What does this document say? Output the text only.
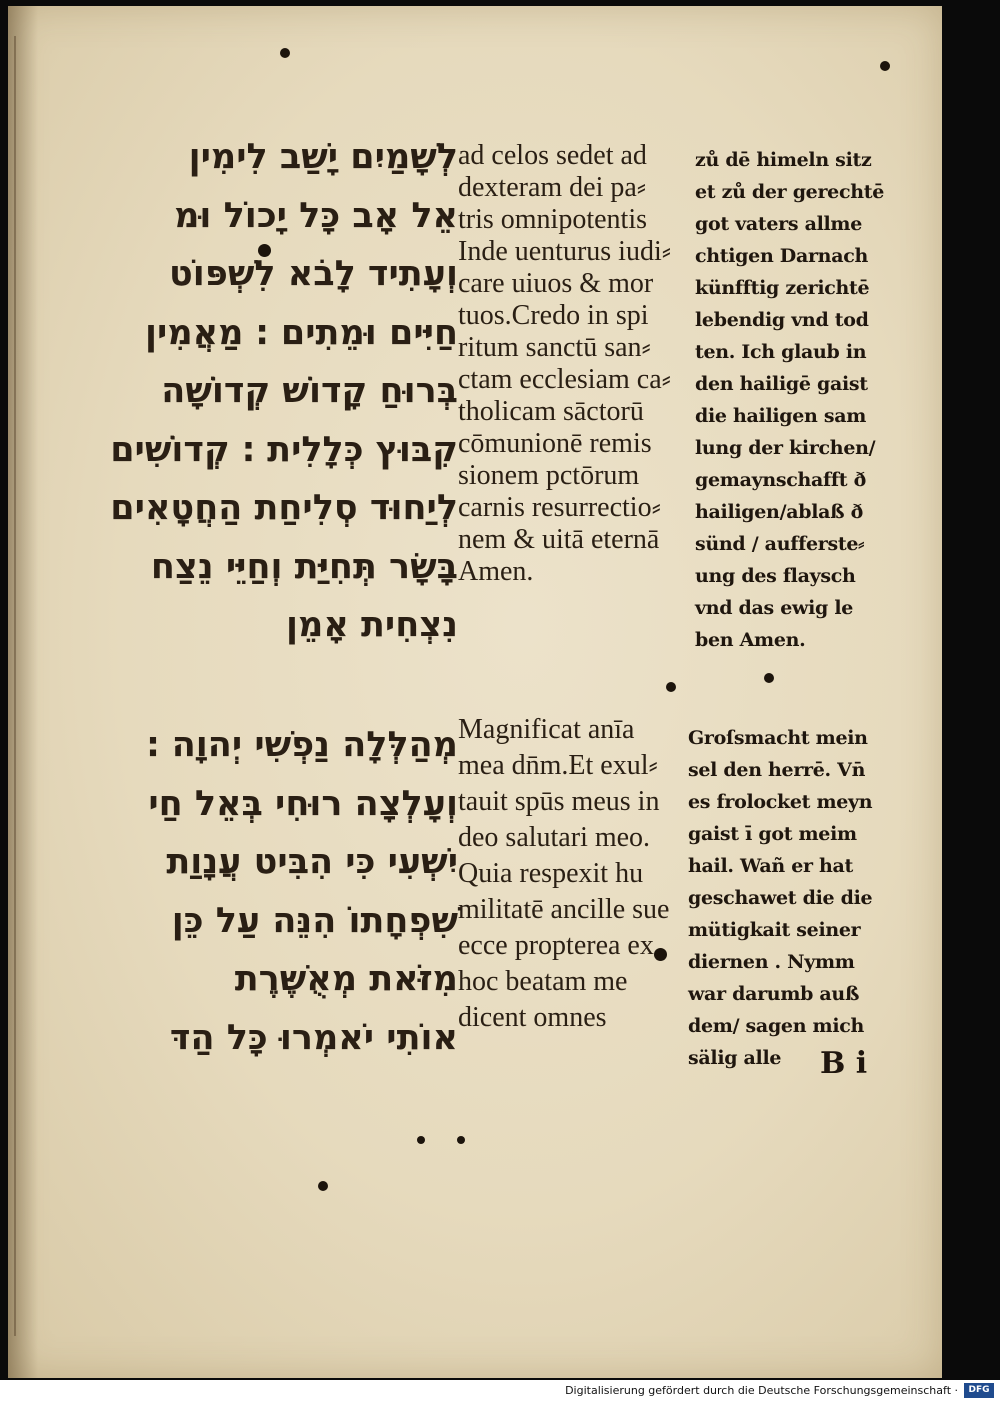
לְשָׁמַיִם יָשַׁב לִימִין
אֵל אָב כָּל יָכוֹל וּמ
וְעָתִיד לָבֹא לִשְׁפּוֹט
חַיִּים וּמֵתִים ׃ מַאֲמִין
בְּרוּחַ קָדוֹשׁ קְדוֹשָׁה
קִבּוּץ כְּלָלִית ׃ קְדוֹשִׁים
לְיַחוּד סְלִיחַת הַחֲטָאִים
בָּשָׂר תְּחִיַּת וְחַיֵּי נֵצַח
נִצְחִית אָמֵן
ad celos sedet ad
dexteram dei pa⸗
tris omnipotentis
Inde uenturus iudi⸗
care uiuos & mor
tuos.Credo in spi
ritum sanctū san⸗
ctam ecclesiam ca⸗
tholicam sāctorū
cōmunionē remis
sionem pctōrum
carnis resurrectio⸗
nem & uitā eternā
Amen.
zů dē himeln sitz
et zů der gerechtē
got vaters allme
chtigen Darnach
künfftig zerichtē
lebendig vnd tod
ten. Ich glaub in
den hailigē gaist
die hailigen sam
lung der kirchen/
gemaynschafft ð
hailigen/ablaß ð
sünd / aufferste⸗
ung des flaysch
vnd das ewig le
ben Amen.
מְהַלְּלָה נַפְשִׁי יְהוָה ׃
וְעָלְצָה רוּחִי בְּאֵל חַי
יִשְׁעִי כִּי הִבִּיט עֲנָוַת
שִׁפְחָתוֹ הִנֵּה עַל כֵּן
מִזֹּאת מְאֻשֶּׁרֶת
אוֹתִי יֹאמְרוּ כָּל הַדּ
Magnificat anīa
mea dn̄m.Et exul⸗
tauit spūs meus in
deo salutari meo.
Quia respexit hu
militatē ancille sue
ecce propterea ex
hoc beatam me
dicent omnes
Groſsmacht mein
sel den herrē. Vn̄
es frolocket meyn
gaist ī got meim
hail. Wañ er hat
geschawet die die
mütigkait seiner
diernen . Nymm
war darumb auß
dem/ sagen mich
sälig alle	B i
Digitalisierung gefördert durch die Deutsche Forschungsgemeinschaft ·	DFG
